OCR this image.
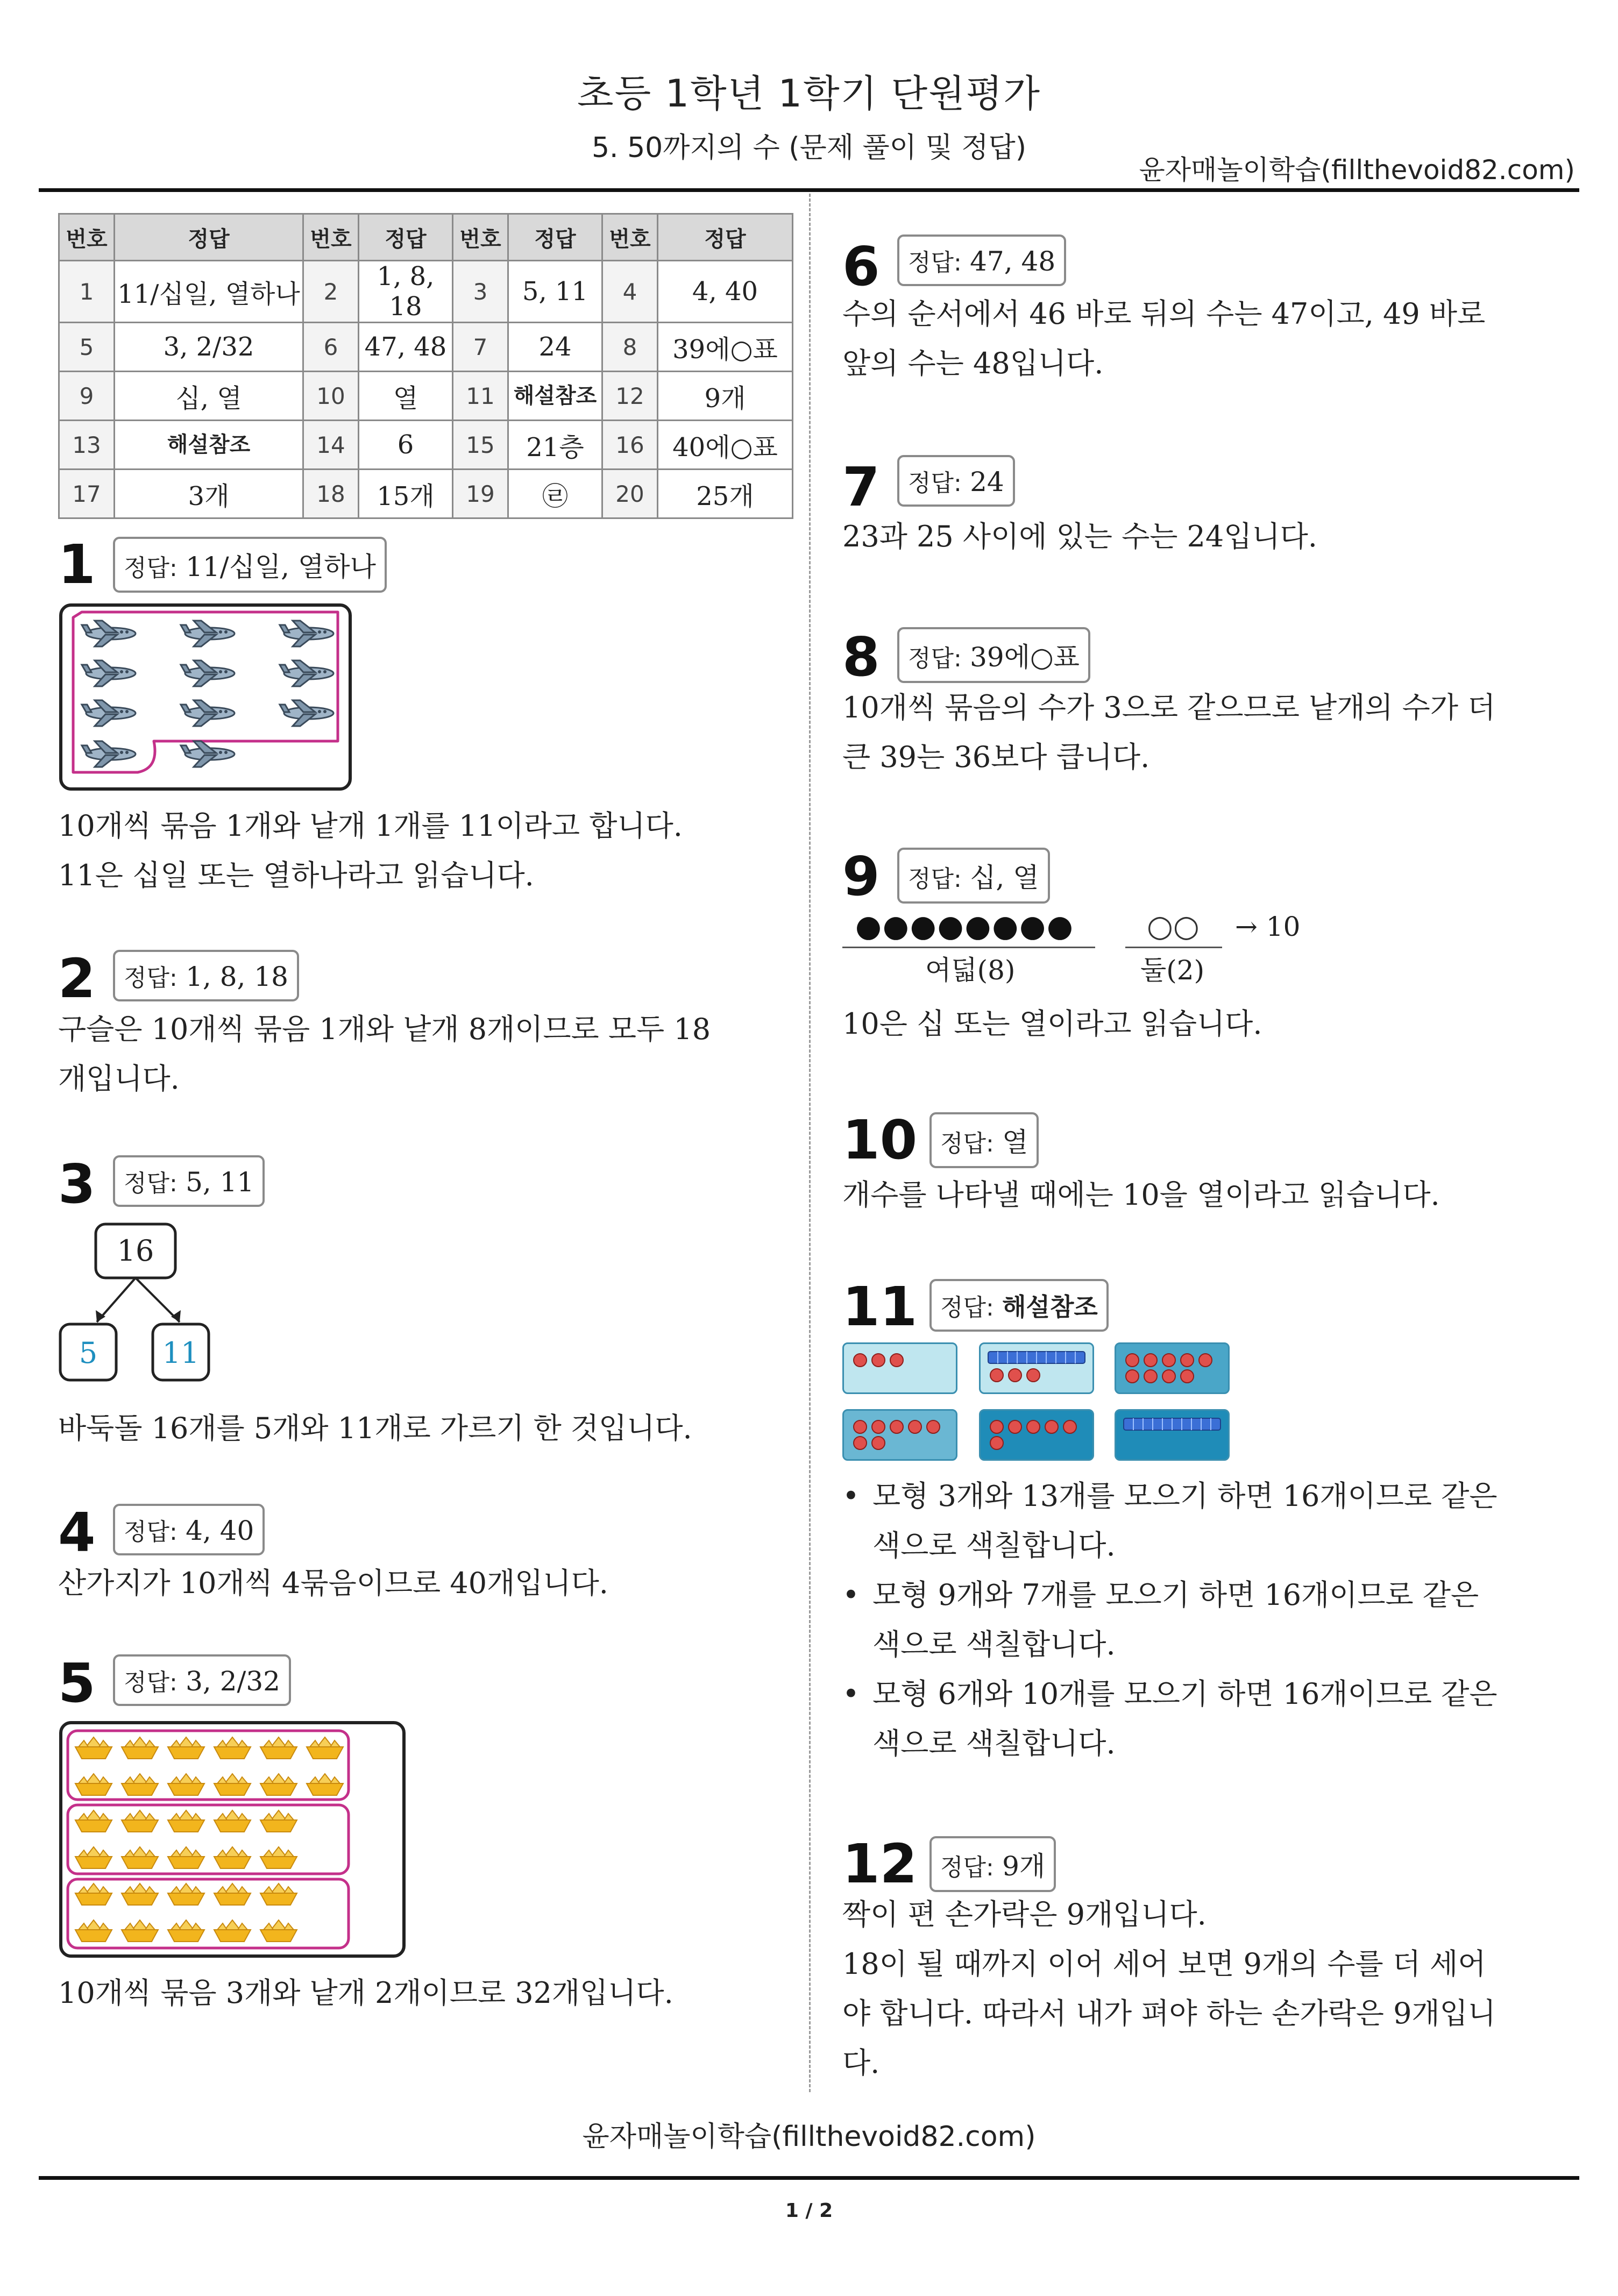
초등 1학년 1학기 단원평가
5. 50까지의 수 (문제 풀이 및 정답)
윤자매놀이학습(fillthevoid82.com)
번호	정답	번호	정답	번호	정답	번호	정답
1	11/십일, 열하나	2	1, 8, 18	3	5, 11	4	4, 40
5	3, 2/32	6	47, 48	7	24	8	39에○표
9	십, 열	10	열	11	해설참조	12	9개
13	해설참조	14	6	15	21층	16	40에○표
17	3개	18	15개	19	㉣	20	25개
1	정답: 11/십일, 열하나
10개씩 묶음 1개와 낱개 1개를 11이라고 합니다.
11은 십일 또는 열하나라고 읽습니다.
2	정답: 1, 8, 18
구슬은 10개씩 묶음 1개와 낱개 8개이므로 모두 18
개입니다.
3	정답: 5, 11
16
5 11
바둑돌 16개를 5개와 11개로 가르기 한 것입니다.
4	정답: 4, 40
산가지가 10개씩 4묶음이므로 40개입니다.
5	정답: 3, 2/32
10개씩 묶음 3개와 낱개 2개이므로 32개입니다.
6	정답: 47, 48
수의 순서에서 46 바로 뒤의 수는 47이고, 49 바로
앞의 수는 48입니다.
7	정답: 24
23과 25 사이에 있는 수는 24입니다.
8	정답: 39에○표
10개씩 묶음의 수가 3으로 같으므로 낱개의 수가 더
큰 39는 36보다 큽니다.
9	정답: 십, 열
●●●●●●●●
여덟(8)
○○
둘(2)
→ 10
10은 십 또는 열이라고 읽습니다.
10 정답: 열
개수를 나타낼 때에는 10을 열이라고 읽습니다.
11 정답: 해설참조
• 모형 3개와 13개를 모으기 하면 16개이므로 같은
색으로 색칠합니다.
• 모형 9개와 7개를 모으기 하면 16개이므로 같은
색으로 색칠합니다.
• 모형 6개와 10개를 모으기 하면 16개이므로 같은
색으로 색칠합니다.
12 정답: 9개
짝이 편 손가락은 9개입니다.
18이 될 때까지 이어 세어 보면 9개의 수를 더 세어
야 합니다. 따라서 내가 펴야 하는 손가락은 9개입니
다.
윤자매놀이학습(fillthevoid82.com)
1 / 2
